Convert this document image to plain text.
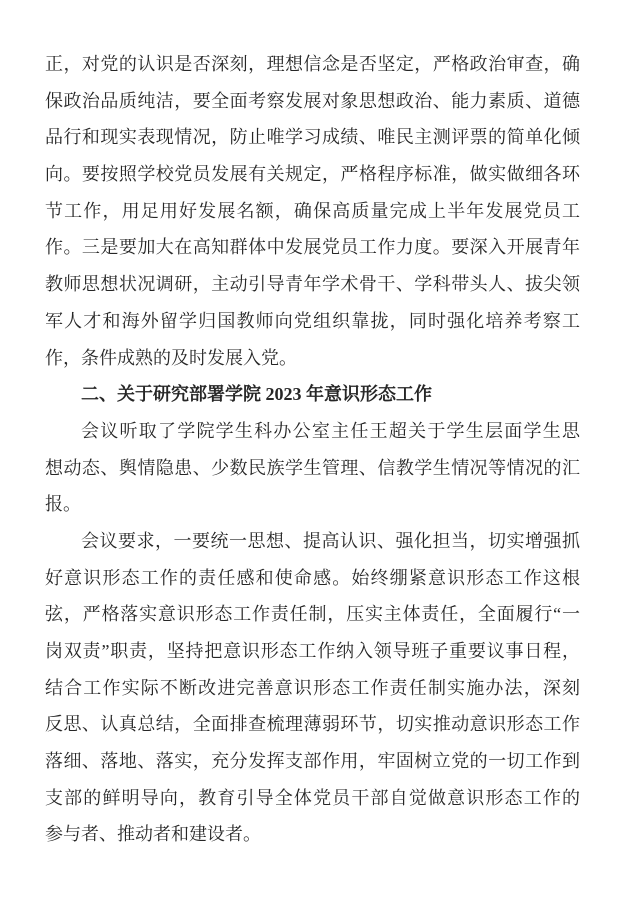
正，对党的认识是否深刻，理想信念是否坚定，严格政治审查，确
保政治品质纯洁，要全面考察发展对象思想政治、能力素质、道德
品行和现实表现情况，防止唯学习成绩、唯民主测评票的简单化倾
向。要按照学校党员发展有关规定，严格程序标准，做实做细各环
节工作，用足用好发展名额，确保高质量完成上半年发展党员工
作。三是要加大在高知群体中发展党员工作力度。要深入开展青年
教师思想状况调研，主动引导青年学术骨干、学科带头人、拔尖领
军人才和海外留学归国教师向党组织靠拢，同时强化培养考察工
作，条件成熟的及时发展入党。
二、关于研究部署学院 2023 年意识形态工作
会议听取了学院学生科办公室主任王超关于学生层面学生思
想动态、舆情隐患、少数民族学生管理、信教学生情况等情况的汇
报。
会议要求，一要统一思想、提高认识、强化担当，切实增强抓
好意识形态工作的责任感和使命感。始终绷紧意识形态工作这根
弦，严格落实意识形态工作责任制，压实主体责任，全面履行“一
岗双责”职责，坚持把意识形态工作纳入领导班子重要议事日程，
结合工作实际不断改进完善意识形态工作责任制实施办法，深刻
反思、认真总结，全面排查梳理薄弱环节，切实推动意识形态工作
落细、落地、落实，充分发挥支部作用，牢固树立党的一切工作到
支部的鲜明导向，教育引导全体党员干部自觉做意识形态工作的
参与者、推动者和建设者。
